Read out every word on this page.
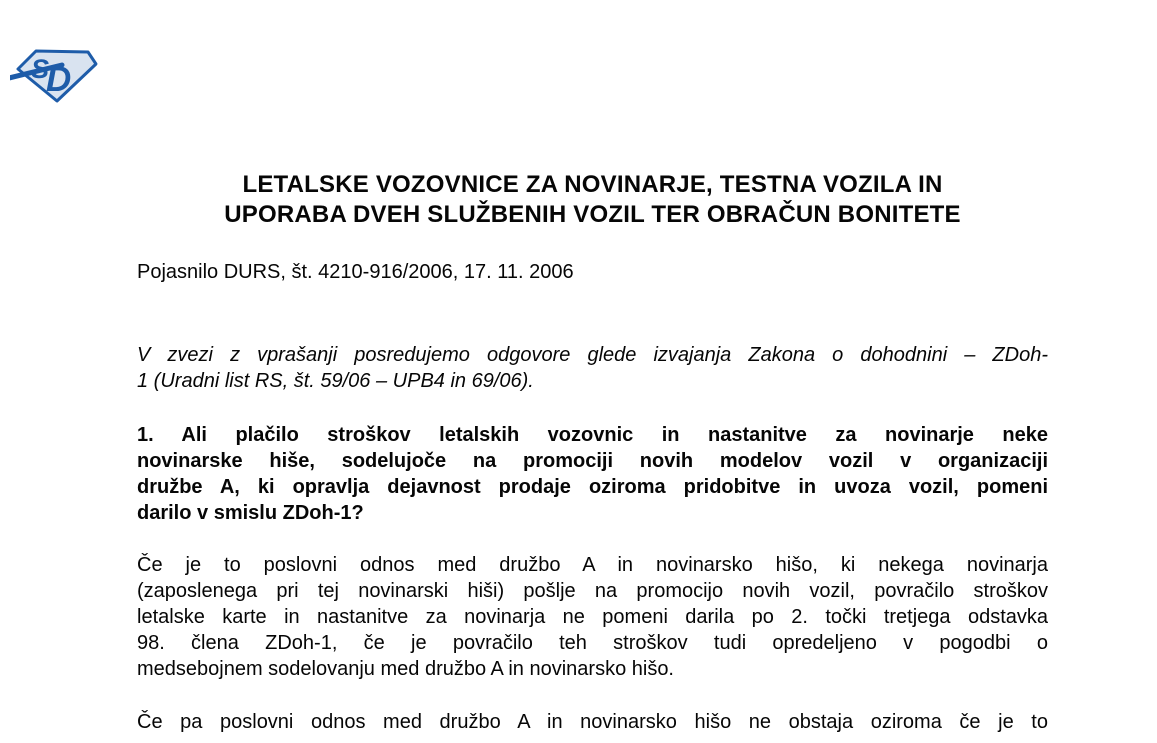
S
D
LETALSKE VOZOVNICE ZA NOVINARJE, TESTNA VOZILA IN
UPORABA DVEH SLUŽBENIH VOZIL TER OBRAČUN BONITETE
Pojasnilo DURS, št. 4210-916/2006, 17. 11. 2006
V zvezi z vprašanji posredujemo odgovore glede izvajanja Zakona o dohodnini – ZDoh-
1 (Uradni list RS, št. 59/06 – UPB4 in 69/06).
1. Ali plačilo stroškov letalskih vozovnic in nastanitve za novinarje neke
novinarske hiše, sodelujoče na promociji novih modelov vozil v organizaciji
družbe A, ki opravlja dejavnost prodaje oziroma pridobitve in uvoza vozil, pomeni
darilo v smislu ZDoh-1?
Če je to poslovni odnos med družbo A in novinarsko hišo, ki nekega novinarja
(zaposlenega pri tej novinarski hiši) pošlje na promocijo novih vozil, povračilo stroškov
letalske karte in nastanitve za novinarja ne pomeni darila po 2. točki tretjega odstavka
98. člena ZDoh-1, če je povračilo teh stroškov tudi opredeljeno v pogodbi o
medsebojnem sodelovanju med družbo A in novinarsko hišo.
Če pa poslovni odnos med družbo A in novinarsko hišo ne obstaja oziroma če je to
